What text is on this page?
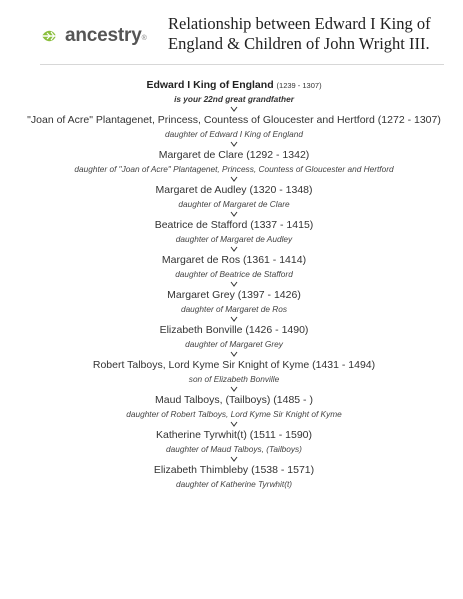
ancestry ®
Relationship between Edward I King of England & Children of John Wright III.

Edward I King of England (1239 - 1307)

is your 22nd great grandfather

"Joan of Acre" Plantagenet, Princess, Countess of Gloucester and Hertford (1272 - 1307)

daughter of Edward I King of England

Margaret de Clare (1292 - 1342)

daughter of "Joan of Acre" Plantagenet, Princess, Countess of Gloucester and Hertford

Margaret de Audley (1320 - 1348)

daughter of Margaret de Clare

Beatrice de Stafford (1337 - 1415)

daughter of Margaret de Audley

Margaret de Ros (1361 - 1414)

daughter of Beatrice de Stafford

Margaret Grey (1397 - 1426)

daughter of Margaret de Ros

Elizabeth Bonville (1426 - 1490)

daughter of Margaret Grey

Robert Talboys, Lord Kyme Sir Knight of Kyme (1431 - 1494)

son of Elizabeth Bonville

Maud Talboys, (Tailboys) (1485 - )

daughter of Robert Talboys, Lord Kyme Sir Knight of Kyme

Katherine Tyrwhit(t) (1511 - 1590)

daughter of Maud Talboys, (Tailboys)

Elizabeth Thimbleby (1538 - 1571)

daughter of Katherine Tyrwhit(t)
